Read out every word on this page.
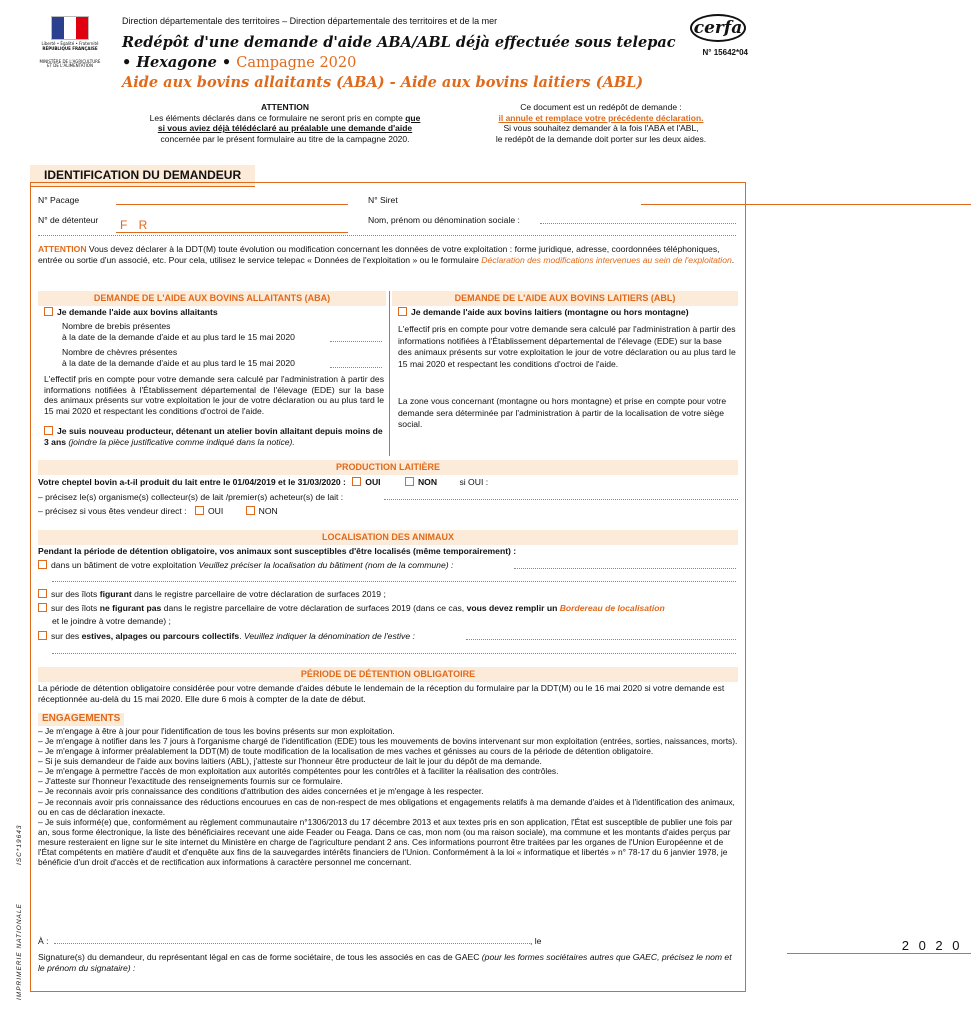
Liberté • Égalité • Fraternité
RÉPUBLIQUE FRANÇAISE
MINISTÈRE DE L'AGRICULTURE ET DE L'ALIMENTATION
Direction départementale des territoires – Direction départementale des territoires et de la mer	cerfa
N° 15642*04
Redépôt d'une demande d'aide ABA/ABL déjà effectuée sous telepac
• Hexagone • Campagne 2020
Aide aux bovins allaitants (ABA) - Aide aux bovins laitiers (ABL)
ATTENTION
Les éléments déclarés dans ce formulaire ne seront pris en compte que
si vous aviez déjà télédéclaré au préalable une demande d'aide
concernée par le présent formulaire au titre de la campagne 2020.
Ce document est un redépôt de demande :
il annule et remplace votre précédente déclaration.
Si vous souhaitez demander à la fois l'ABA et l'ABL,
le redépôt de la demande doit porter sur les deux aides.
IDENTIFICATION DU DEMANDEUR
N° Pacage
	N° Siret

N° de détenteur F R
	Nom, prénom ou dénomination sociale :
ATTENTION Vous devez déclarer à la DDT(M) toute évolution ou modification concernant les données de votre exploitation : forme juridique, adresse, coordonnées téléphoniques, entrée ou sortie d'un associé, etc. Pour cela, utilisez le service telepac « Données de l'exploitation » ou le formulaire Déclaration des modifications intervenues au sein de l'exploitation.
DEMANDE DE L'AIDE AUX BOVINS ALLAITANTS (ABA)	DEMANDE DE L'AIDE AUX BOVINS LAITIERS (ABL)
Je demande l'aide aux bovins allaitants
Nombre de brebis présentes
à la date de la demande d'aide et au plus tard le 15 mai 2020
Nombre de chèvres présentes
à la date de la demande d'aide et au plus tard le 15 mai 2020
L'effectif pris en compte pour votre demande sera calculé par l'administration à partir des informations notifiées à l'Établissement départemental de l'élevage (EDE) sur la base des animaux présents sur votre exploitation le jour de votre déclaration ou au plus tard le 15 mai 2020 et respectant les conditions d'octroi de l'aide.
Je suis nouveau producteur, détenant un atelier bovin allaitant depuis moins de 3 ans (joindre la pièce justificative comme indiqué dans la notice).
Je demande l'aide aux bovins laitiers (montagne ou hors montagne)
L'effectif pris en compte pour votre demande sera calculé par l'administration à partir des informations notifiées à l'Établissement départemental de l'élevage (EDE) sur la base des animaux présents sur votre exploitation le jour de votre déclaration ou au plus tard le 15 mai 2020 et respectant les conditions d'octroi de l'aide.
La zone vous concernant (montagne ou hors montagne) et prise en compte pour votre demande sera déterminée par l'administration à partir de la localisation de votre siège social.
PRODUCTION LAITIÈRE
Votre cheptel bovin a-t-il produit du lait entre le 01/04/2019 et le 31/03/2020 : OUI	NON	si OUI :
– précisez le(s) organisme(s) collecteur(s) de lait /premier(s) acheteur(s) de lait :
– précisez si vous êtes vendeur direct : OUI	NON
LOCALISATION DES ANIMAUX
Pendant la période de détention obligatoire, vos animaux sont susceptibles d'être localisés (même temporairement) :
dans un bâtiment de votre exploitation Veuillez préciser la localisation du bâtiment (nom de la commune) :
sur des îlots figurant dans le registre parcellaire de votre déclaration de surfaces 2019 ;
sur des îlots ne figurant pas dans le registre parcellaire de votre déclaration de surfaces 2019 (dans ce cas, vous devez remplir un Bordereau de localisation
et le joindre à votre demande) ;
sur des estives, alpages ou parcours collectifs. Veuillez indiquer la dénomination de l'estive :
PÉRIODE DE DÉTENTION OBLIGATOIRE
La période de détention obligatoire considérée pour votre demande d'aides débute le lendemain de la réception du formulaire par la DDT(M) ou le 16 mai 2020 si votre demande est réceptionnée au-delà du 15 mai 2020. Elle dure 6 mois à compter de la date de début.
ENGAGEMENTS
– Je m'engage à être à jour pour l'identification de tous les bovins présents sur mon exploitation.
– Je m'engage à notifier dans les 7 jours à l'organisme chargé de l'identification (EDE) tous les mouvements de bovins intervenant sur mon exploitation (entrées, sorties, naissances, morts).
– Je m'engage à informer préalablement la DDT(M) de toute modification de la localisation de mes vaches et génisses au cours de la période de détention obligatoire.
– Si je suis demandeur de l'aide aux bovins laitiers (ABL), j'atteste sur l'honneur être producteur de lait le jour du dépôt de ma demande.
– Je m'engage à permettre l'accès de mon exploitation aux autorités compétentes pour les contrôles et à faciliter la réalisation des contrôles.
– J'atteste sur l'honneur l'exactitude des renseignements fournis sur ce formulaire.
– Je reconnais avoir pris connaissance des conditions d'attribution des aides concernées et je m'engage à les respecter.
– Je reconnais avoir pris connaissance des réductions encourues en cas de non-respect de mes obligations et engagements relatifs à ma demande d'aides et à l'identification des animaux, ou en cas de déclaration inexacte.
– Je suis informé(e) que, conformément au règlement communautaire n°1306/2013 du 17 décembre 2013 et aux textes pris en son application, l'État est susceptible de publier une fois par an, sous forme électronique, la liste des bénéficiaires recevant une aide Feader ou Feaga. Dans ce cas, mon nom (ou ma raison sociale), ma commune et les montants d'aides perçus par mesure resteraient en ligne sur le site internet du Ministère en charge de l'agriculture pendant 2 ans. Ces informations pourront être traitées par les organes de l'Union Européenne et de l'État compétents en matière d'audit et d'enquête aux fins de la sauvegardes intérêts financiers de l'Union. Conformément à la loi « informatique et libertés » n° 78-17 du 6 janvier 1978, je bénéficie d'un droit d'accès et de rectification aux informations à caractère personnel me concernant.
À :	, le	2 0 2 0
Signature(s) du demandeur, du représentant légal en cas de forme sociétaire, de tous les associés en cas de GAEC (pour les formes sociétaires autres que GAEC, précisez le nom et le prénom du signataire) :
IMPRIMERIE NATIONALE
ISC*19643
